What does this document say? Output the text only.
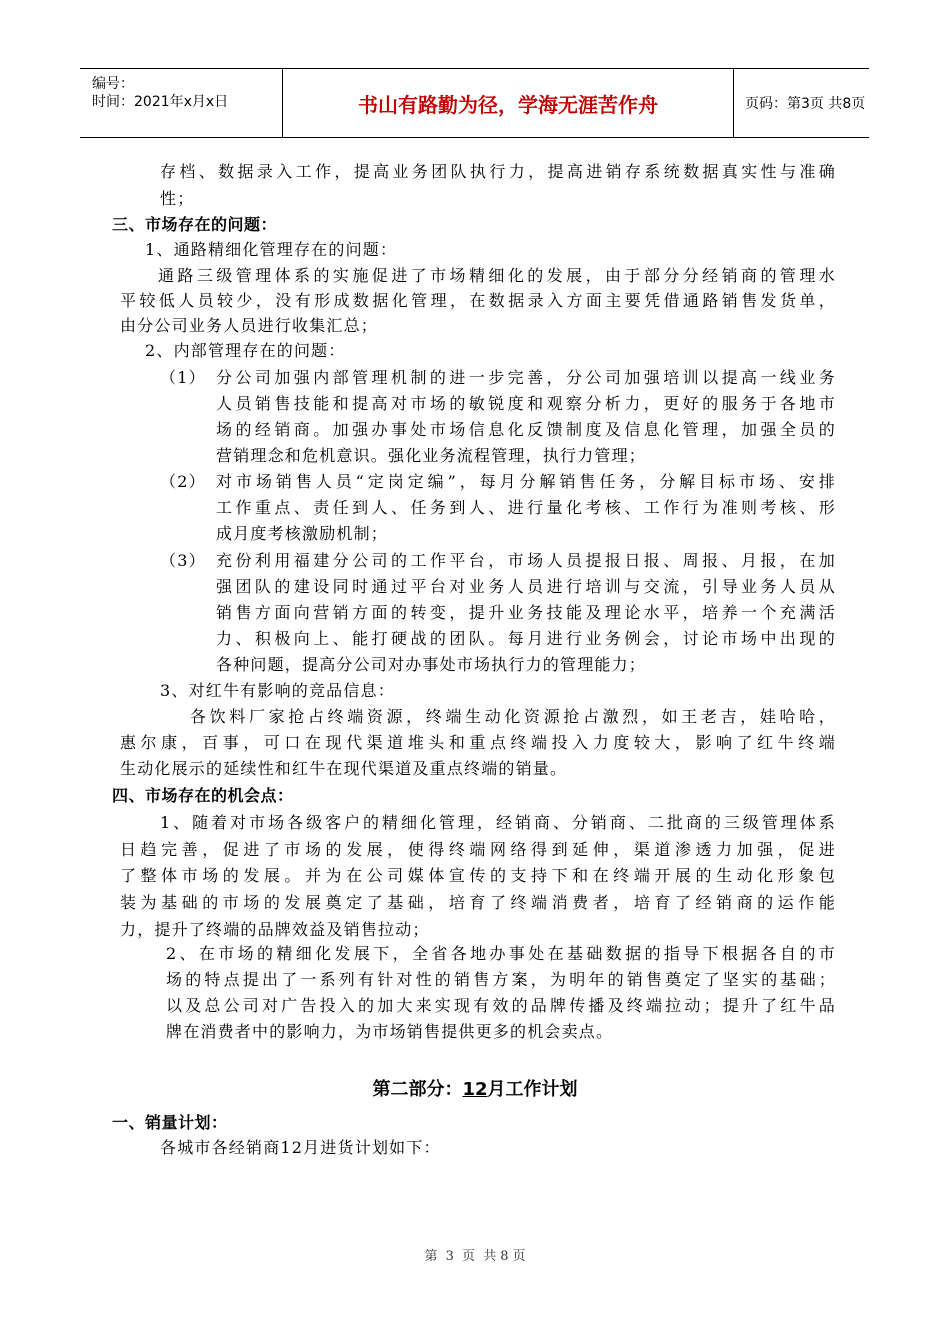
编号：
时间：2021年x月x日	书山有路勤为径，学海无涯苦作舟	页码：第3页 共8页
存档、数据录入工作，提高业务团队执行力，提高进销存系统数据真实性与准确
性；
三、市场存在的问题：
1、通路精细化管理存在的问题：
通路三级管理体系的实施促进了市场精细化的发展，由于部分分经销商的管理水
平较低人员较少，没有形成数据化管理，在数据录入方面主要凭借通路销售发货单，
由分公司业务人员进行收集汇总；
2、内部管理存在的问题：
（1） 分公司加强内部管理机制的进一步完善，分公司加强培训以提高一线业务
人员销售技能和提高对市场的敏锐度和观察分析力，更好的服务于各地市
场的经销商。加强办事处市场信息化反馈制度及信息化管理，加强全员的
营销理念和危机意识。强化业务流程管理，执行力管理；
（2） 对市场销售人员“定岗定编”，每月分解销售任务，分解目标市场、安排
工作重点、责任到人、任务到人、进行量化考核、工作行为准则考核、形
成月度考核激励机制；
（3） 充份利用福建分公司的工作平台，市场人员提报日报、周报、月报，在加
强团队的建设同时通过平台对业务人员进行培训与交流，引导业务人员从
销售方面向营销方面的转变，提升业务技能及理论水平，培养一个充满活
力、积极向上、能打硬战的团队。每月进行业务例会，讨论市场中出现的
各种问题，提高分公司对办事处市场执行力的管理能力；
3、对红牛有影响的竞品信息：
各饮料厂家抢占终端资源，终端生动化资源抢占激烈，如王老吉，娃哈哈，
惠尔康，百事，可口在现代渠道堆头和重点终端投入力度较大，影响了红牛终端
生动化展示的延续性和红牛在现代渠道及重点终端的销量。
四、市场存在的机会点：
1、随着对市场各级客户的精细化管理，经销商、分销商、二批商的三级管理体系
日趋完善，促进了市场的发展，使得终端网络得到延伸，渠道渗透力加强，促进
了整体市场的发展。并为在公司媒体宣传的支持下和在终端开展的生动化形象包
装为基础的市场的发展奠定了基础，培育了终端消费者，培育了经销商的运作能
力，提升了终端的品牌效益及销售拉动；
2、在市场的精细化发展下，全省各地办事处在基础数据的指导下根据各自的市
场的特点提出了一系列有针对性的销售方案，为明年的销售奠定了坚实的基础；
以及总公司对广告投入的加大来实现有效的品牌传播及终端拉动；提升了红牛品
牌在消费者中的影响力，为市场销售提供更多的机会卖点。
第二部分：12月工作计划
一、销量计划：
各城市各经销商12月进货计划如下：
第 3 页 共 8 页
